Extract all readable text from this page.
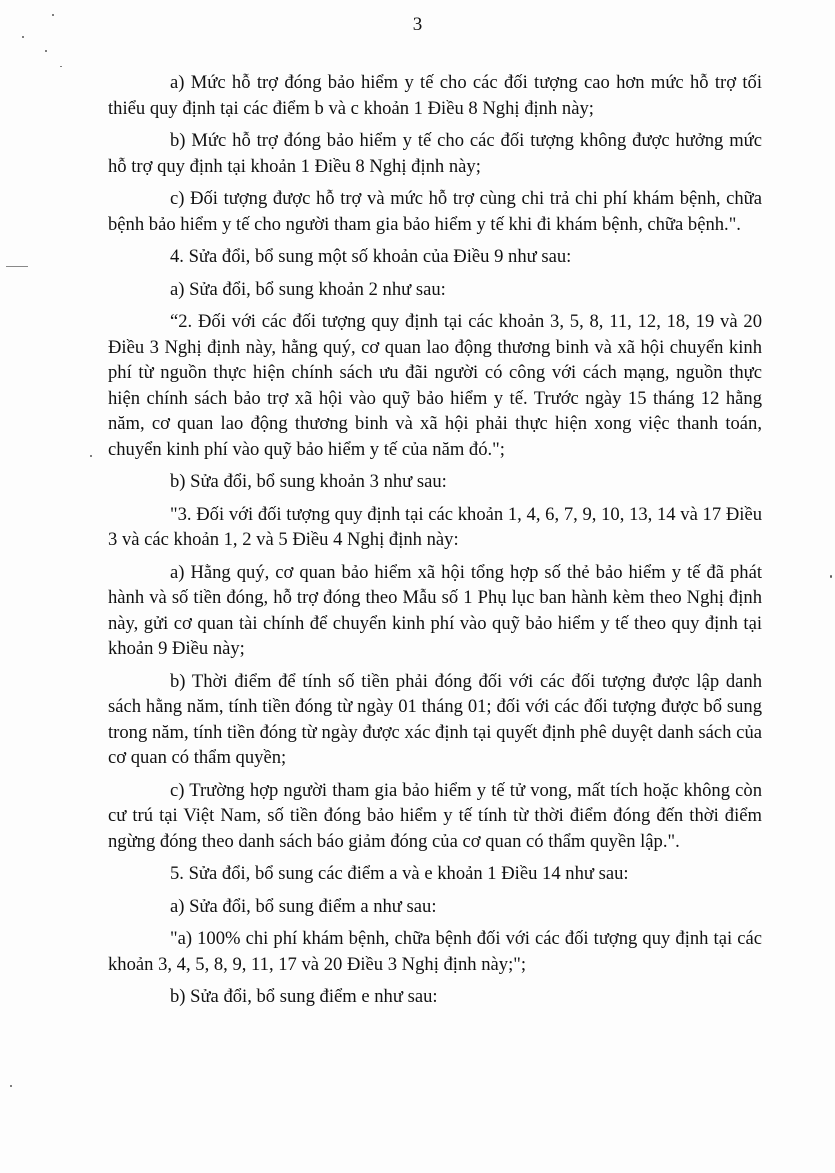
3

a) Mức hỗ trợ đóng bảo hiểm y tế cho các đối tượng cao hơn mức hỗ trợ tối thiểu quy định tại các điểm b và c khoản 1 Điều 8 Nghị định này;

b) Mức hỗ trợ đóng bảo hiểm y tế cho các đối tượng không được hưởng mức hỗ trợ quy định tại khoản 1 Điều 8 Nghị định này;

c) Đối tượng được hỗ trợ và mức hỗ trợ cùng chi trả chi phí khám bệnh, chữa bệnh bảo hiểm y tế cho người tham gia bảo hiểm y tế khi đi khám bệnh, chữa bệnh.".

4. Sửa đổi, bổ sung một số khoản của Điều 9 như sau:

a) Sửa đổi, bổ sung khoản 2 như sau:

“2. Đối với các đối tượng quy định tại các khoản 3, 5, 8, 11, 12, 18, 19 và 20 Điều 3 Nghị định này, hằng quý, cơ quan lao động thương binh và xã hội chuyển kinh phí từ nguồn thực hiện chính sách ưu đãi người có công với cách mạng, nguồn thực hiện chính sách bảo trợ xã hội vào quỹ bảo hiểm y tế. Trước ngày 15 tháng 12 hằng năm, cơ quan lao động thương binh và xã hội phải thực hiện xong việc thanh toán, chuyển kinh phí vào quỹ bảo hiểm y tế của năm đó.";

b) Sửa đổi, bổ sung khoản 3 như sau:

"3. Đối với đối tượng quy định tại các khoản 1, 4, 6, 7, 9, 10, 13, 14 và 17 Điều 3 và các khoản 1, 2 và 5 Điều 4 Nghị định này:

a) Hằng quý, cơ quan bảo hiểm xã hội tổng hợp số thẻ bảo hiểm y tế đã phát hành và số tiền đóng, hỗ trợ đóng theo Mẫu số 1 Phụ lục ban hành kèm theo Nghị định này, gửi cơ quan tài chính để chuyển kinh phí vào quỹ bảo hiểm y tế theo quy định tại khoản 9 Điều này;

b) Thời điểm để tính số tiền phải đóng đối với các đối tượng được lập danh sách hằng năm, tính tiền đóng từ ngày 01 tháng 01; đối với các đối tượng được bổ sung trong năm, tính tiền đóng từ ngày được xác định tại quyết định phê duyệt danh sách của cơ quan có thẩm quyền;

c) Trường hợp người tham gia bảo hiểm y tế tử vong, mất tích hoặc không còn cư trú tại Việt Nam, số tiền đóng bảo hiểm y tế tính từ thời điểm đóng đến thời điểm ngừng đóng theo danh sách báo giảm đóng của cơ quan có thẩm quyền lập.".

5. Sửa đổi, bổ sung các điểm a và e khoản 1 Điều 14 như sau:

a) Sửa đổi, bổ sung điểm a như sau:

"a) 100% chi phí khám bệnh, chữa bệnh đối với các đối tượng quy định tại các khoản 3, 4, 5, 8, 9, 11, 17 và 20 Điều 3 Nghị định này;";

b) Sửa đổi, bổ sung điểm e như sau:
